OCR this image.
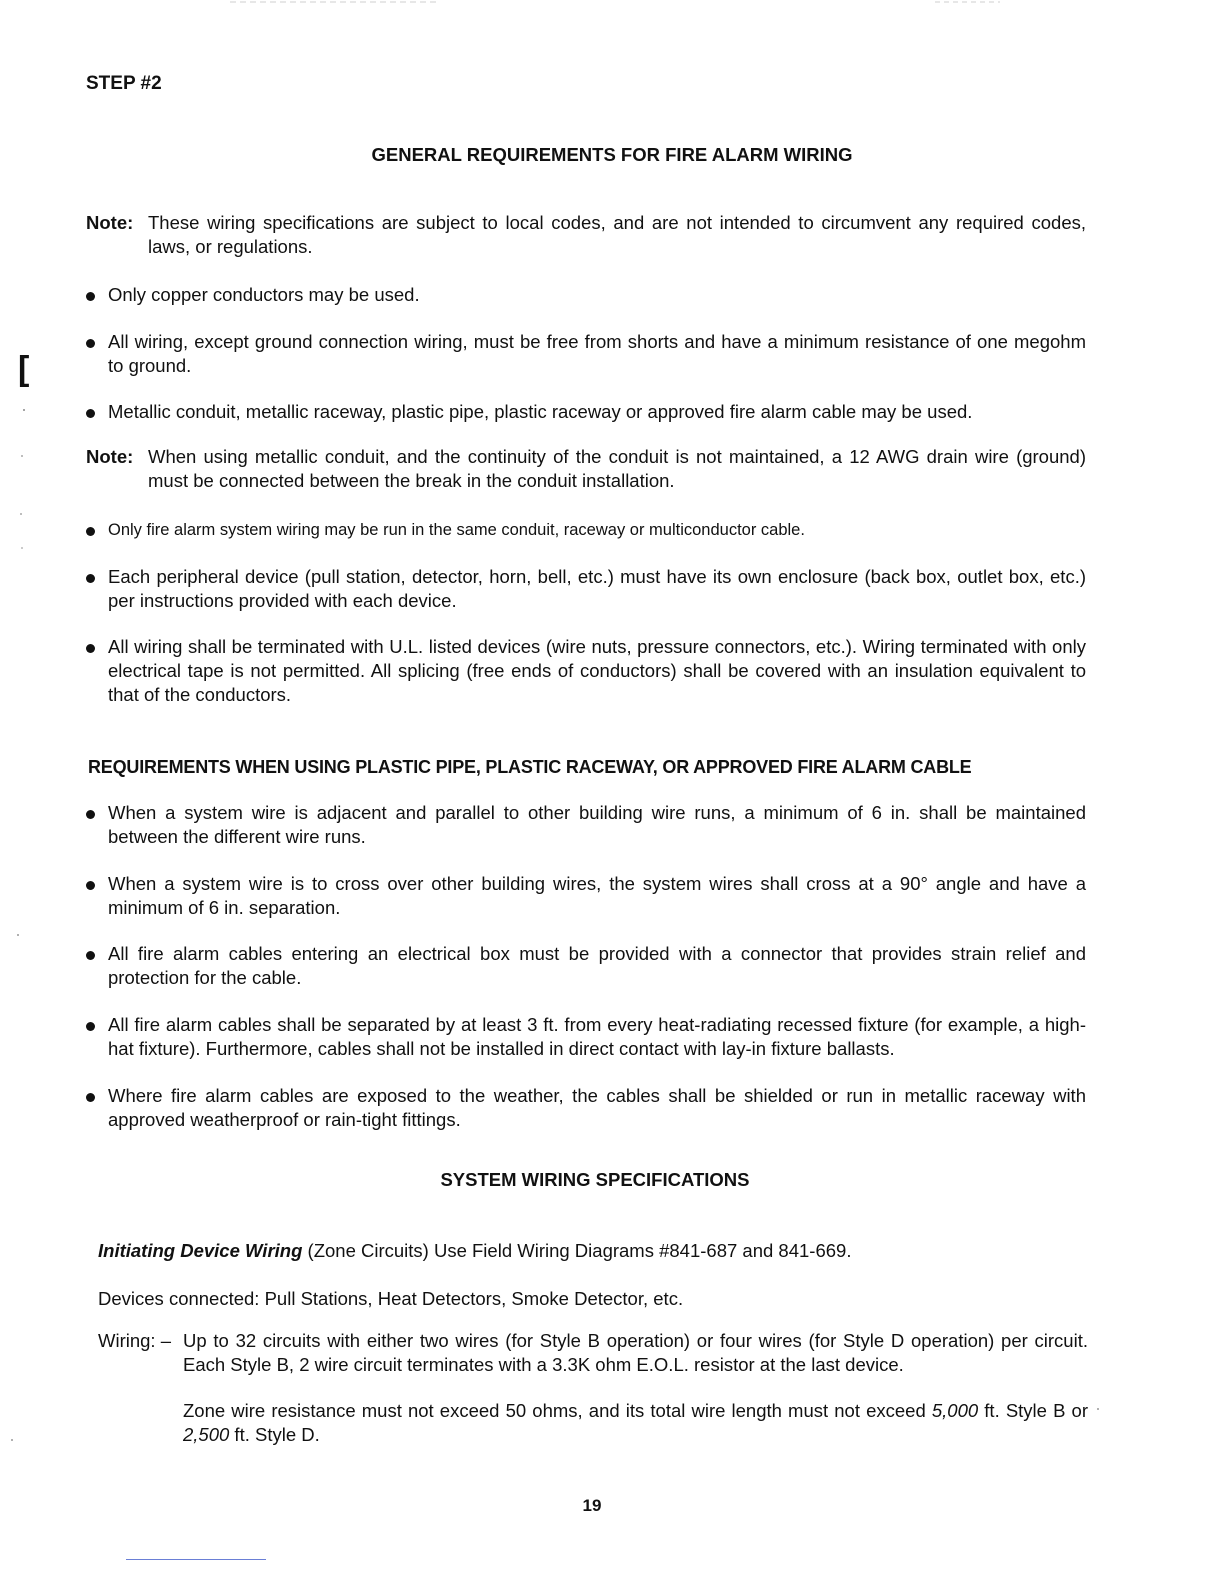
[
STEP #2
GENERAL REQUIREMENTS FOR FIRE ALARM WIRING
Note: These wiring specifications are subject to local codes, and are not intended to circumvent any required codes, laws, or regulations.
Only copper conductors may be used.
All wiring, except ground connection wiring, must be free from shorts and have a minimum resistance of one megohm to ground.
Metallic conduit, metallic raceway, plastic pipe, plastic raceway or approved fire alarm cable may be used.
Note: When using metallic conduit, and the continuity of the conduit is not maintained, a 12 AWG drain wire (ground) must be connected between the break in the conduit installation.
Only fire alarm system wiring may be run in the same conduit, raceway or multiconductor cable.
Each peripheral device (pull station, detector, horn, bell, etc.) must have its own enclosure (back box, outlet box, etc.) per instructions provided with each device.
All wiring shall be terminated with U.L. listed devices (wire nuts, pressure connectors, etc.). Wiring terminated with only electrical tape is not permitted. All splicing (free ends of conductors) shall be covered with an insulation equivalent to that of the conductors.
REQUIREMENTS WHEN USING PLASTIC PIPE, PLASTIC RACEWAY, OR APPROVED FIRE ALARM CABLE
When a system wire is adjacent and parallel to other building wire runs, a minimum of 6 in. shall be maintained between the different wire runs.
When a system wire is to cross over other building wires, the system wires shall cross at a 90° angle and have a minimum of 6 in. separation.
All fire alarm cables entering an electrical box must be provided with a connector that provides strain relief and protection for the cable.
All fire alarm cables shall be separated by at least 3 ft. from every heat-radiating recessed fixture (for example, a high-hat fixture). Furthermore, cables shall not be installed in direct contact with lay-in fixture ballasts.
Where fire alarm cables are exposed to the weather, the cables shall be shielded or run in metallic raceway with approved weatherproof or rain-tight fittings.
SYSTEM WIRING SPECIFICATIONS
Initiating Device Wiring (Zone Circuits) Use Field Wiring Diagrams #841-687 and 841-669.
Devices connected: Pull Stations, Heat Detectors, Smoke Detector, etc.
Wiring: – Up to 32 circuits with either two wires (for Style B operation) or four wires (for Style D operation) per circuit. Each Style B, 2 wire circuit terminates with a 3.3K ohm E.O.L. resistor at the last device.
Zone wire resistance must not exceed 50 ohms, and its total wire length must not exceed 5,000 ft. Style B or 2,500 ft. Style D.
19
